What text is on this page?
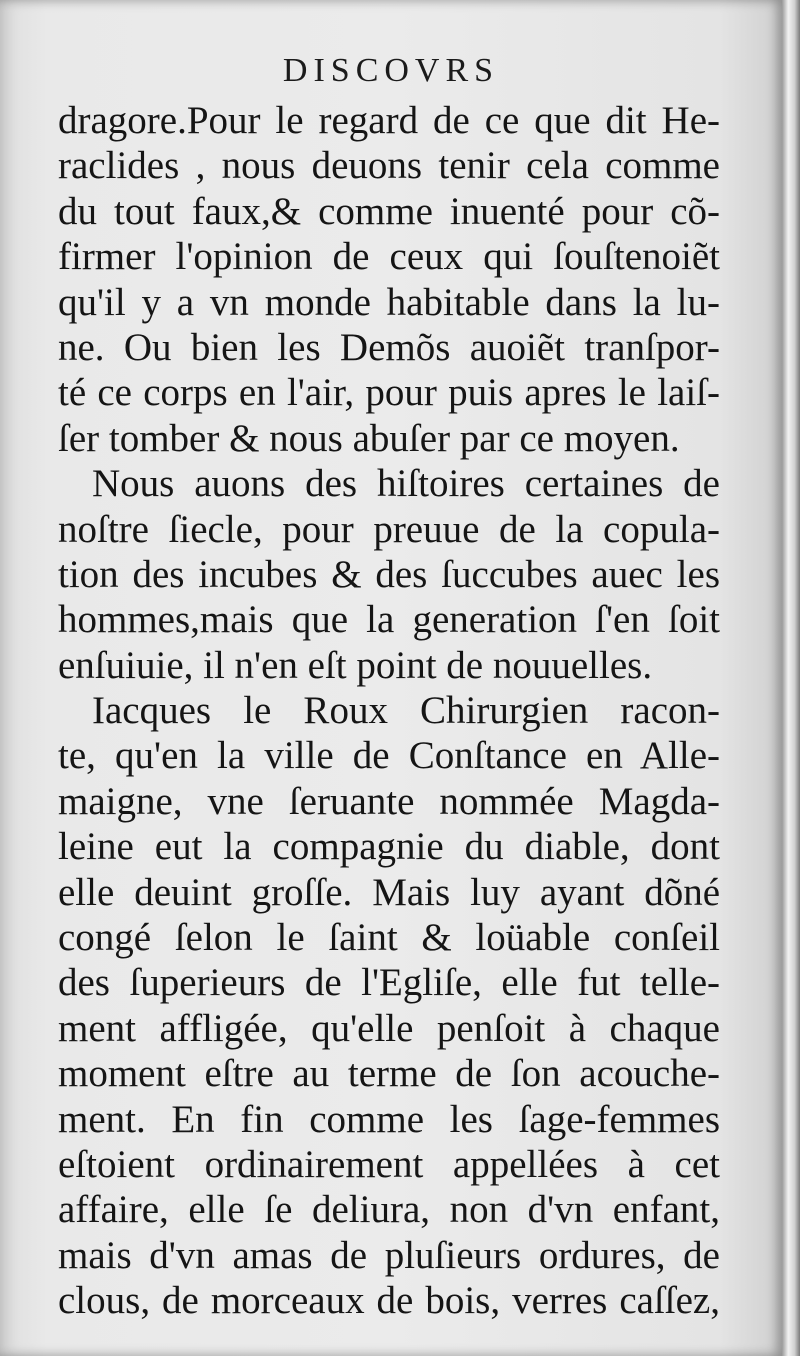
DISCOVRS
dragore.Pour le regard de ce que dit He-
raclides , nous deuons tenir cela comme
du tout faux,& comme inuenté pour cõ-
firmer l'opinion de ceux qui ſouſtenoiẽt
qu'il y a vn monde habitable dans la lu-
ne. Ou bien les Demõs auoiẽt tranſpor-
té ce corps en l'air, pour puis apres le laiſ-
ſer tomber & nous abuſer par ce moyen.
Nous auons des hiſtoires certaines de
noſtre ſiecle, pour preuue de la copula-
tion des incubes & des ſuccubes auec les
hommes,mais que la generation ſ'en ſoit
enſuiuie, il n'en eſt point de nouuelles.
Iacques le Roux Chirurgien racon-
te, qu'en la ville de Conſtance en Alle-
maigne, vne ſeruante nommée Magda-
leine eut la compagnie du diable, dont
elle deuint groſſe. Mais luy ayant dõné
congé ſelon le ſaint & loüable conſeil
des ſuperieurs de l'Egliſe, elle fut telle-
ment affligée, qu'elle penſoit à chaque
moment eſtre au terme de ſon acouche-
ment. En fin comme les ſage-femmes
eſtoient ordinairement appellées à cet
affaire, elle ſe deliura, non d'vn enfant,
mais d'vn amas de pluſieurs ordures, de
clous, de morceaux de bois, verres caſſez,
